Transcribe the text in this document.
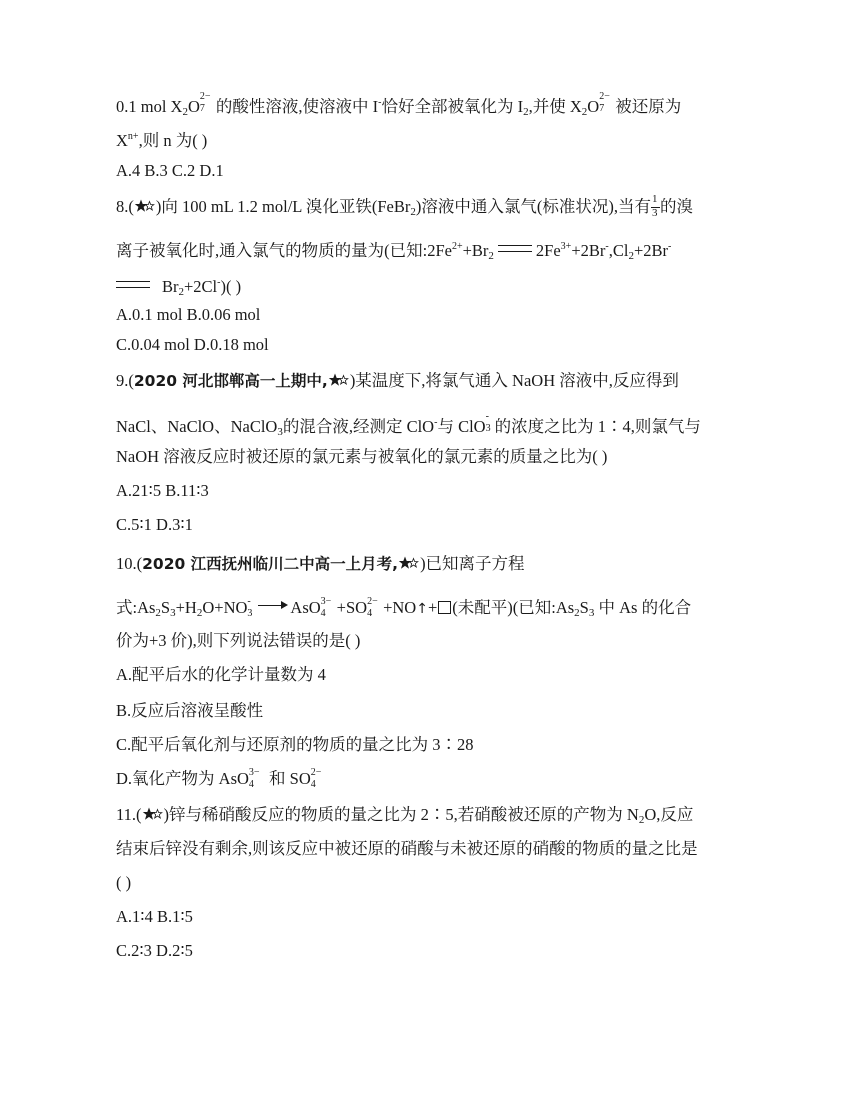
0.1 mol $X_2O$
2−
7 的酸性溶液,使溶液中 I-恰好全部被氧化为 $I_2$,并使 $X_2O$
2−
7 被还原为
$X^{n+}$,则 n 为( )
A.4 B.3 C.2 D.1
8.( )向 100 mL 1.2 mol/L 溴化亚铁(FeBr$_2$)溶液中通入氯气(标准状况),当有 $\frac{1}{3}$ 的溴
离子被氧化时,通入氯气的物质的量为(已知$:2Fe^{2+}+Br_2$	$2Fe^{3+}+2Br^-,Cl_2+2Br^-$
$Br_2+2Cl^-$)( )
A.0.1 mol B.0.06 mol
C.0.04 mol D.0.18 mol
9.(2020 河北邯郸高一上期中, )某温度下,将氯气通入 NaOH 溶液中,反应得到
NaCl、NaClO、NaClO$_3$的混合液,经测定 ClO-与 ClO
-
3 的浓度之比为 1∶4,则氯气与
NaOH 溶液反应时被还原的氯元素与被氧化的氯元素的质量之比为( )
A.21∶5 B.11∶3
C.5∶1 D.3∶1
10.(2020 江西抚州临川二中高一上月考, )已知离子方程
式$:As_2S_3+H_2O+NO$ -
3 AsO 3−
4 +SO 2−
4 +NO↑+ (未配平)(已知$:As_2S_3$ 中 As 的化合
价为+3 价),则下列说法错误的是( )
A.配平后水的化学计量数为 4
B.反应后溶液呈酸性
C.配平后氧化剂与还原剂的物质的量之比为 3∶28
D.氧化产物为 AsO 3−
4 和 SO 2−
4
11.( )锌与稀硝酸反应的物质的量之比为 2∶5,若硝酸被还原的产物为 $N_2O$,反应
结束后锌没有剩余,则该反应中被还原的硝酸与未被还原的硝酸的物质的量之比是
( )
A.1∶4 B.1∶5
C.2∶3 D.2∶5
